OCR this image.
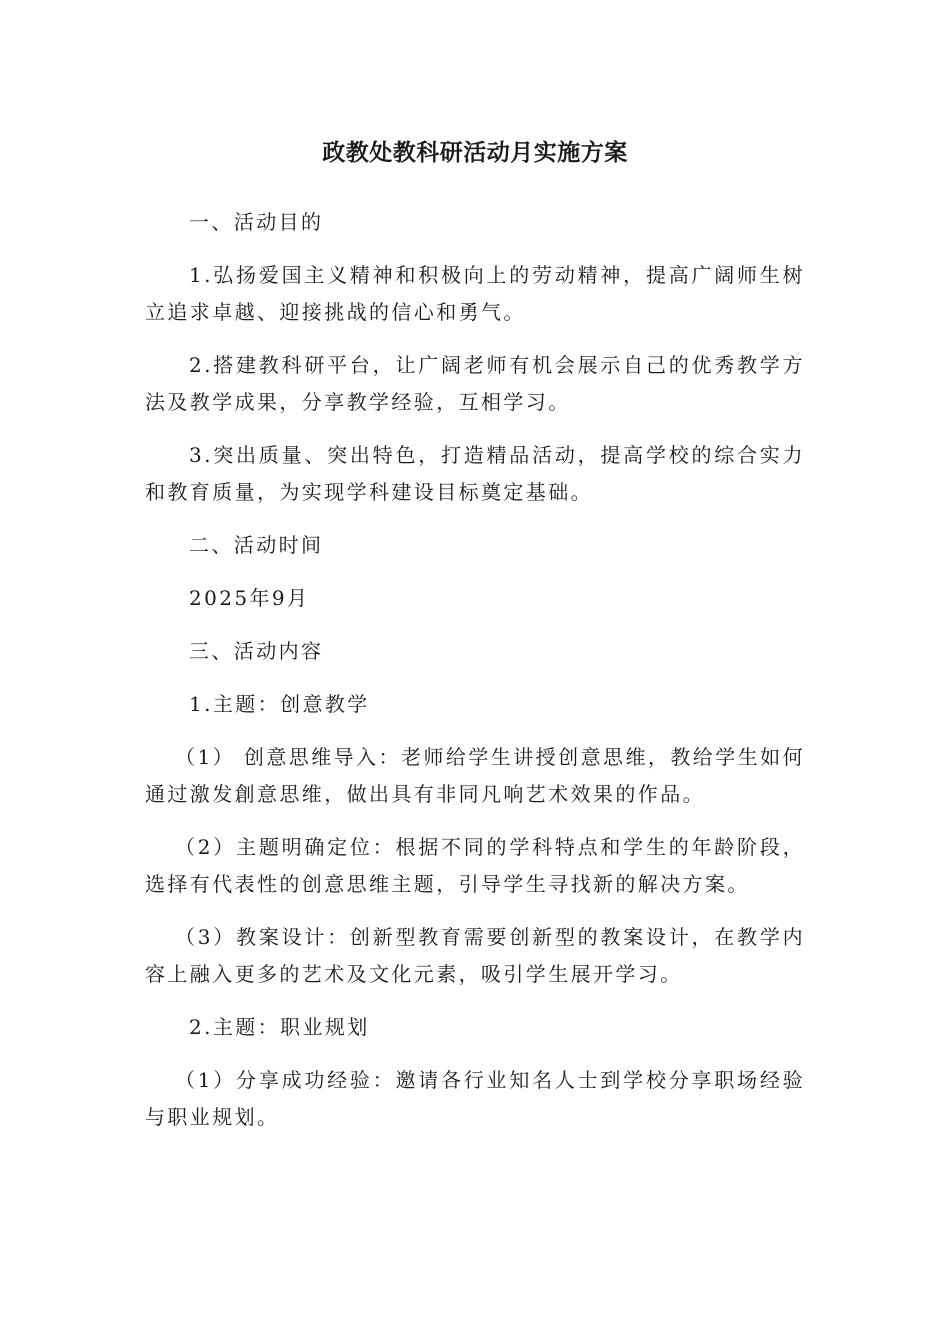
政教处教科研活动月实施方案

一、活动目的

1.弘扬爱国主义精神和积极向上的劳动精神，提高广阔师生树立追求卓越、迎接挑战的信心和勇气。

2.搭建教科研平台，让广阔老师有机会展示自己的优秀教学方法及教学成果，分享教学经验，互相学习。

3.突出质量、突出特色，打造精品活动，提高学校的综合实力和教育质量，为实现学科建设目标奠定基础。

二、活动时间

2025年9月

三、活动内容

1.主题：创意教学

（1） 创意思维导入：老师给学生讲授创意思维，教给学生如何通过激发創意思维，做出具有非同凡响艺术效果的作品。

（2）主题明确定位：根据不同的学科特点和学生的年龄阶段，选择有代表性的创意思维主题，引导学生寻找新的解决方案。

（3）教案设计：创新型教育需要创新型的教案设计，在教学内容上融入更多的艺术及文化元素，吸引学生展开学习。

2.主题：职业规划

（1）分享成功经验：邀请各行业知名人士到学校分享职场经验与职业规划。
